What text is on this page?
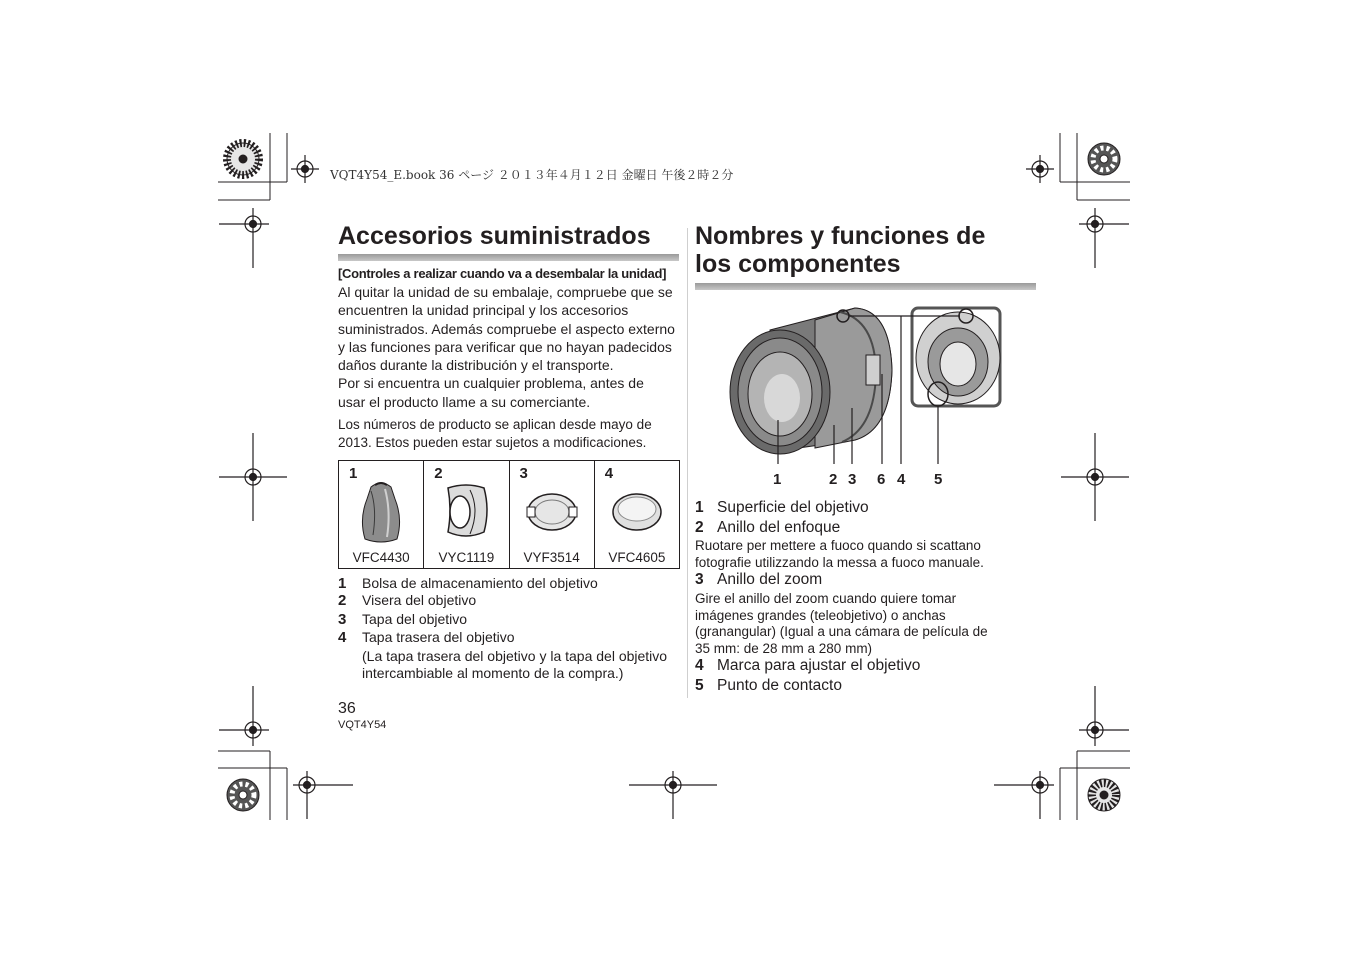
VQT4Y54_E.book 36 ページ ２０１３年４月１２日 金曜日 午後２時２分
Accesorios suministrados
[Controles a realizar cuando va a desembalar la unidad]
Al quitar la unidad de su embalaje, compruebe que se
encuentren la unidad principal y los accesorios
suministrados. Además compruebe el aspecto externo
y las funciones para verificar que no hayan padecidos
daños durante la distribución y el transporte.
Por si encuentra un cualquier problema, antes de
usar el producto llame a su comerciante.
Los números de producto se aplican desde mayo de
2013. Estos pueden estar sujetos a modificaciones.
1
VFC4430

2
VYC1119

3
VYF3514

4
VFC4605
1 Bolsa de almacenamiento del objetivo
2 Visera del objetivo
3 Tapa del objetivo
4 Tapa trasera del objetivo
(La tapa trasera del objetivo y la tapa del objetivo
intercambiable al momento de la compra.)
36
VQT4Y54
Nombres y funciones de
los componentes
1	2 3 6 4 5
1 Superficie del objetivo
2 Anillo del enfoque
Ruotare per mettere a fuoco quando si scattano
fotografie utilizzando la messa a fuoco manuale.
3 Anillo del zoom
Gire el anillo del zoom cuando quiere tomar
imágenes grandes (teleobjetivo) o anchas
(granangular) (Igual a una cámara de película de
35 mm: de 28 mm a 280 mm)
4 Marca para ajustar el objetivo
5 Punto de contacto
